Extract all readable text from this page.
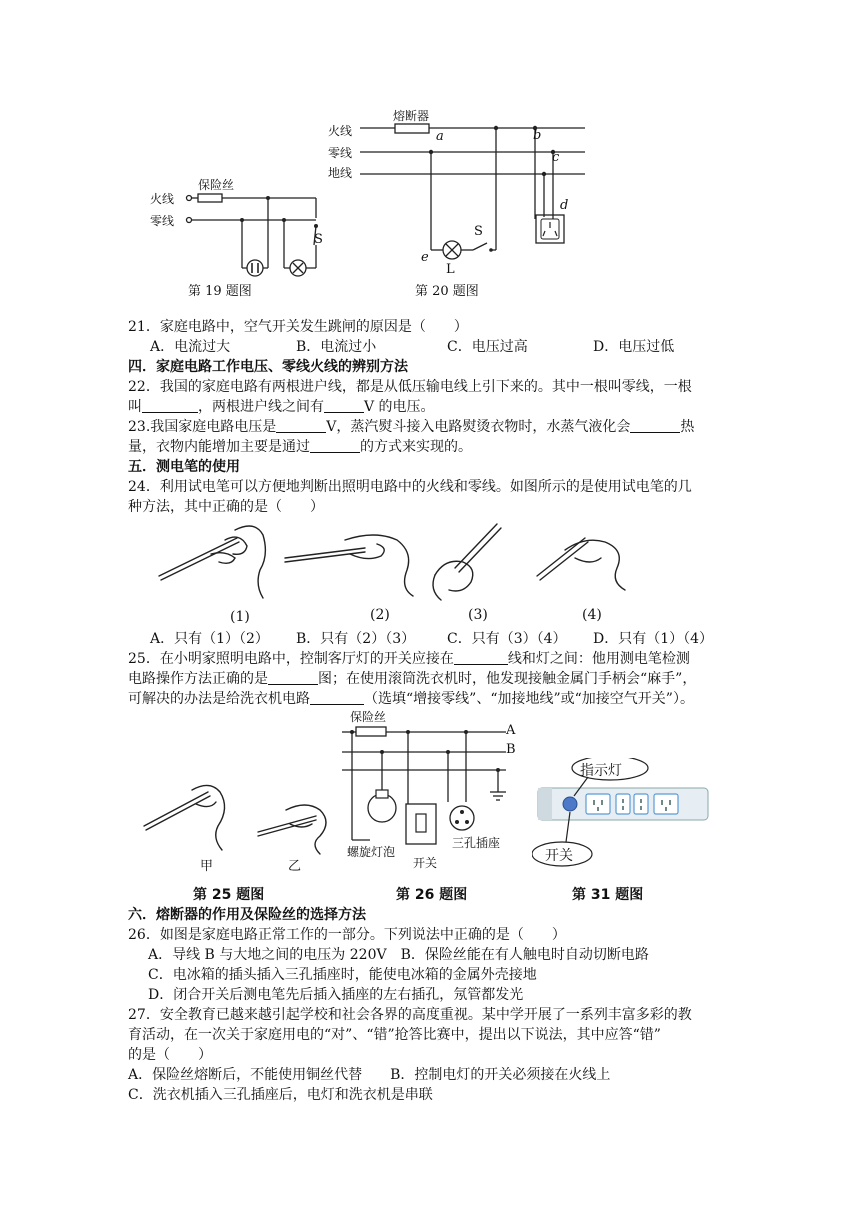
火线
零线
保险丝
S
第 19 题图
熔断器
火线
零线
地线
a	b
c
d
e
L
S
第 20 题图
21．家庭电路中，空气开关发生跳闸的原因是（　　）
A．电流过大	B．电流过小	C．电压过高	D．电压过低
四．家庭电路工作电压、零线火线的辨别方法
22．我国的家庭电路有两根进户线，都是从低压输电线上引下来的。其中一根叫零线，一根
叫	，两根进户线之间有	V 的电压。
23.我国家庭电路电压是	V，蒸汽熨斗接入电路熨烫衣物时，水蒸气液化会	热
量，衣物内能增加主要是通过	的方式来实现的。
五．测电笔的使用
24．利用试电笔可以方便地判断出照明电路中的火线和零线。如图所示的是使用试电笔的几
种方法，其中正确的是（　　）
(1)	(2)	(3)	(4)
A．只有（1）（2） B．只有（2）（3） C．只有（3）（4） D．只有（1）（4）
25．在小明家照明电路中，控制客厅灯的开关应接在	线和灯之间：他用测电笔检测
电路操作方法正确的是	图；在使用滚筒洗衣机时，他发现接触金属门手柄会“麻手”，
可解决的办法是给洗衣机电路	（选填“增接零线”、“加接地线”或“加接空气开关”）。
甲	乙
第 25 题图
保险丝
A
B
螺旋灯泡
开关
三孔插座
第 26 题图
指示灯
开关
第 31 题图
六．熔断器的作用及保险丝的选择方法
26．如图是家庭电路正常工作的一部分。下列说法中正确的是（　　）
A．导线 B 与大地之间的电压为 220V　B．保险丝能在有人触电时自动切断电路
C．电冰箱的插头插入三孔插座时，能使电冰箱的金属外壳接地
D．闭合开关后测电笔先后插入插座的左右插孔，氖管都发光
27．安全教育已越来越引起学校和社会各界的高度重视。某中学开展了一系列丰富多彩的教
育活动，在一次关于家庭用电的“对”、“错”抢答比赛中，提出以下说法，其中应答“错”
的是（　　）
A．保险丝熔断后，不能使用铜丝代替　　B．控制电灯的开关必须接在火线上
C．洗衣机插入三孔插座后，电灯和洗衣机是串联
